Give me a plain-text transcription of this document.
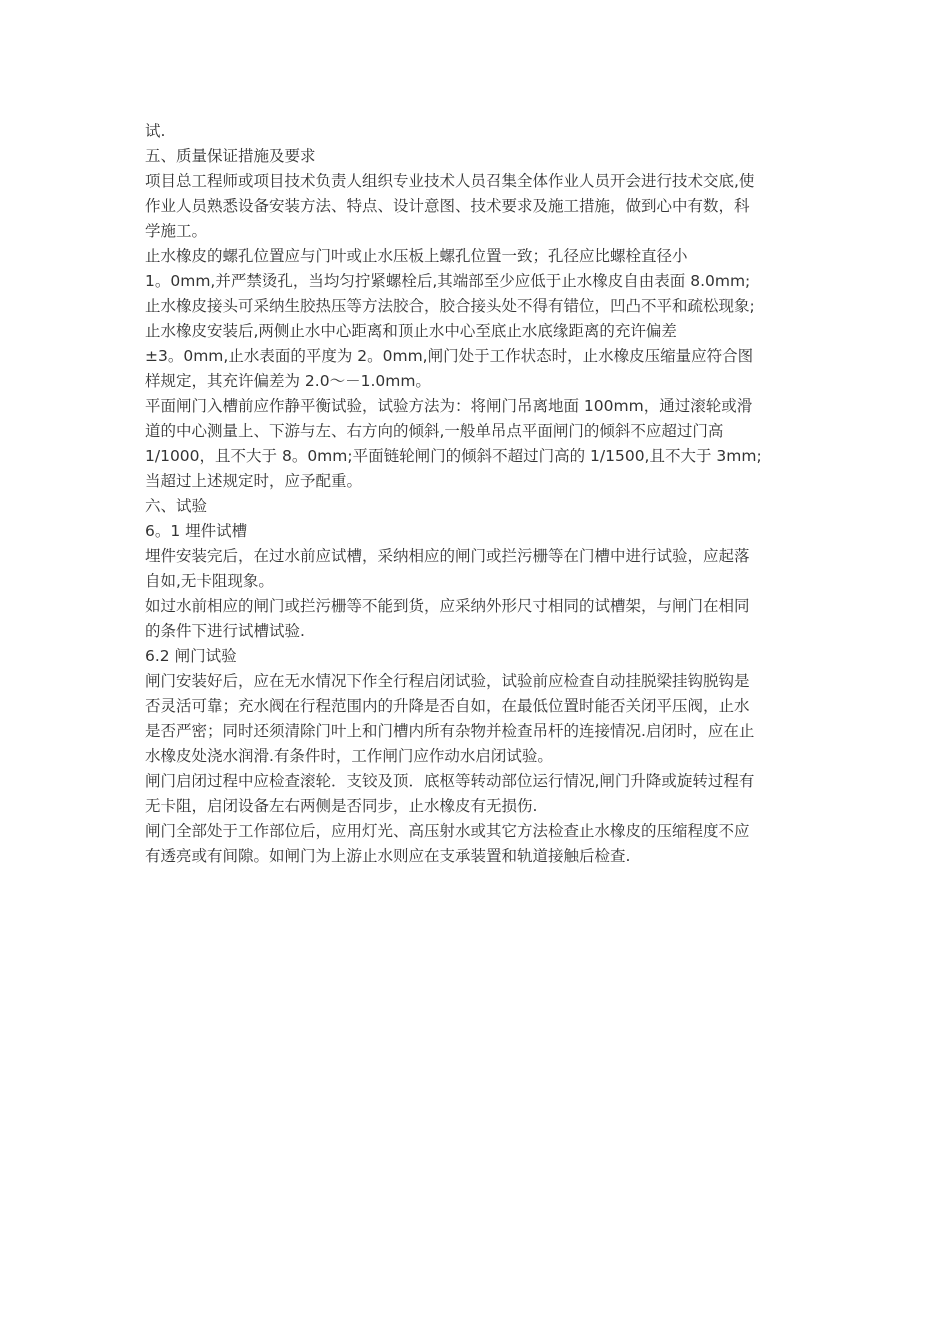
试.
五、质量保证措施及要求
项目总工程师或项目技术负责人组织专业技术人员召集全体作业人员开会进行技术交底,使
作业人员熟悉设备安装方法、特点、设计意图、技术要求及施工措施，做到心中有数，科
学施工。
止水橡皮的螺孔位置应与门叶或止水压板上螺孔位置一致；孔径应比螺栓直径小
1。0mm,并严禁烫孔，当均匀拧紧螺栓后,其端部至少应低于止水橡皮自由表面 8.0mm;
止水橡皮接头可采纳生胶热压等方法胶合，胶合接头处不得有错位，凹凸不平和疏松现象;
止水橡皮安装后,两侧止水中心距离和顶止水中心至底止水底缘距离的充许偏差
±3。0mm,止水表面的平度为 2。0mm,闸门处于工作状态时，止水橡皮压缩量应符合图
样规定，其充许偏差为 2.0～－1.0mm。
平面闸门入槽前应作静平衡试验，试验方法为：将闸门吊离地面 100mm，通过滚轮或滑
道的中心测量上、下游与左、右方向的倾斜,一般单吊点平面闸门的倾斜不应超过门高
1/1000，且不大于 8。0mm;平面链轮闸门的倾斜不超过门高的 1/1500,且不大于 3mm;
当超过上述规定时，应予配重。
六、试验
6。1 埋件试槽
埋件安装完后，在过水前应试槽，采纳相应的闸门或拦污栅等在门槽中进行试验，应起落
自如,无卡阻现象。
如过水前相应的闸门或拦污栅等不能到货，应采纳外形尺寸相同的试槽架，与闸门在相同
的条件下进行试槽试验.
6.2 闸门试验
闸门安装好后，应在无水情况下作全行程启闭试验，试验前应检查自动挂脱梁挂钩脱钩是
否灵活可靠；充水阀在行程范围内的升降是否自如，在最低位置时能否关闭平压阀，止水
是否严密；同时还须清除门叶上和门槽内所有杂物并检查吊杆的连接情况.启闭时，应在止
水橡皮处浇水润滑.有条件时，工作闸门应作动水启闭试验。
闸门启闭过程中应检查滚轮．支铰及顶．底枢等转动部位运行情况,闸门升降或旋转过程有
无卡阻，启闭设备左右两侧是否同步，止水橡皮有无损伤.
闸门全部处于工作部位后，应用灯光、高压射水或其它方法检查止水橡皮的压缩程度不应
有透亮或有间隙。如闸门为上游止水则应在支承装置和轨道接触后检查.
